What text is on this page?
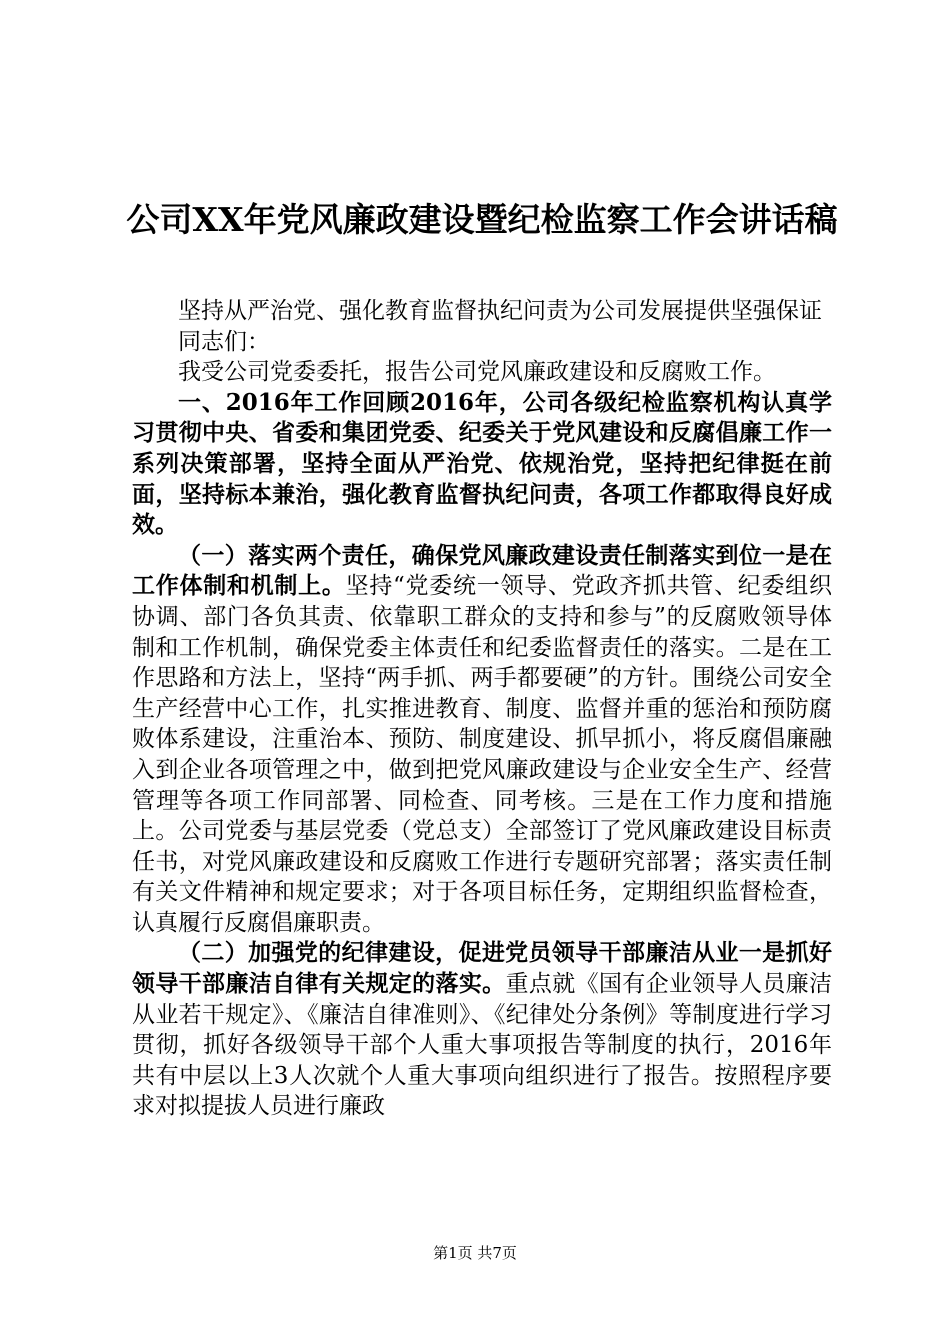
公司XX年党风廉政建设暨纪检监察工作会讲话稿

坚持从严治党、强化教育监督执纪问责为公司发展提供坚强保证

同志们：

我受公司党委委托，报告公司党风廉政建设和反腐败工作。

一、2016年工作回顾2016年，公司各级纪检监察机构认真学习贯彻中央、省委和集团党委、纪委关于党风建设和反腐倡廉工作一系列决策部署，坚持全面从严治党、依规治党，坚持把纪律挺在前面，坚持标本兼治，强化教育监督执纪问责，各项工作都取得良好成效。

（一）落实两个责任，确保党风廉政建设责任制落实到位一是在工作体制和机制上。坚持“党委统一领导、党政齐抓共管、纪委组织协调、部门各负其责、依靠职工群众的支持和参与”的反腐败领导体制和工作机制，确保党委主体责任和纪委监督责任的落实。二是在工作思路和方法上，坚持“两手抓、两手都要硬”的方针。围绕公司安全生产经营中心工作，扎实推进教育、制度、监督并重的惩治和预防腐败体系建设，注重治本、预防、制度建设、抓早抓小，将反腐倡廉融入到企业各项管理之中，做到把党风廉政建设与企业安全生产、经营管理等各项工作同部署、同检查、同考核。三是在工作力度和措施上。公司党委与基层党委（党总支）全部签订了党风廉政建设目标责任书，对党风廉政建设和反腐败工作进行专题研究部署；落实责任制有关文件精神和规定要求；对于各项目标任务，定期组织监督检查，认真履行反腐倡廉职责。

（二）加强党的纪律建设，促进党员领导干部廉洁从业一是抓好领导干部廉洁自律有关规定的落实。重点就《国有企业领导人员廉洁从业若干规定》、《廉洁自律准则》、《纪律处分条例》等制度进行学习贯彻，抓好各级领导干部个人重大事项报告等制度的执行，2016年共有中层以上3人次就个人重大事项向组织进行了报告。按照程序要求对拟提拔人员进行廉政

第1页 共7页
